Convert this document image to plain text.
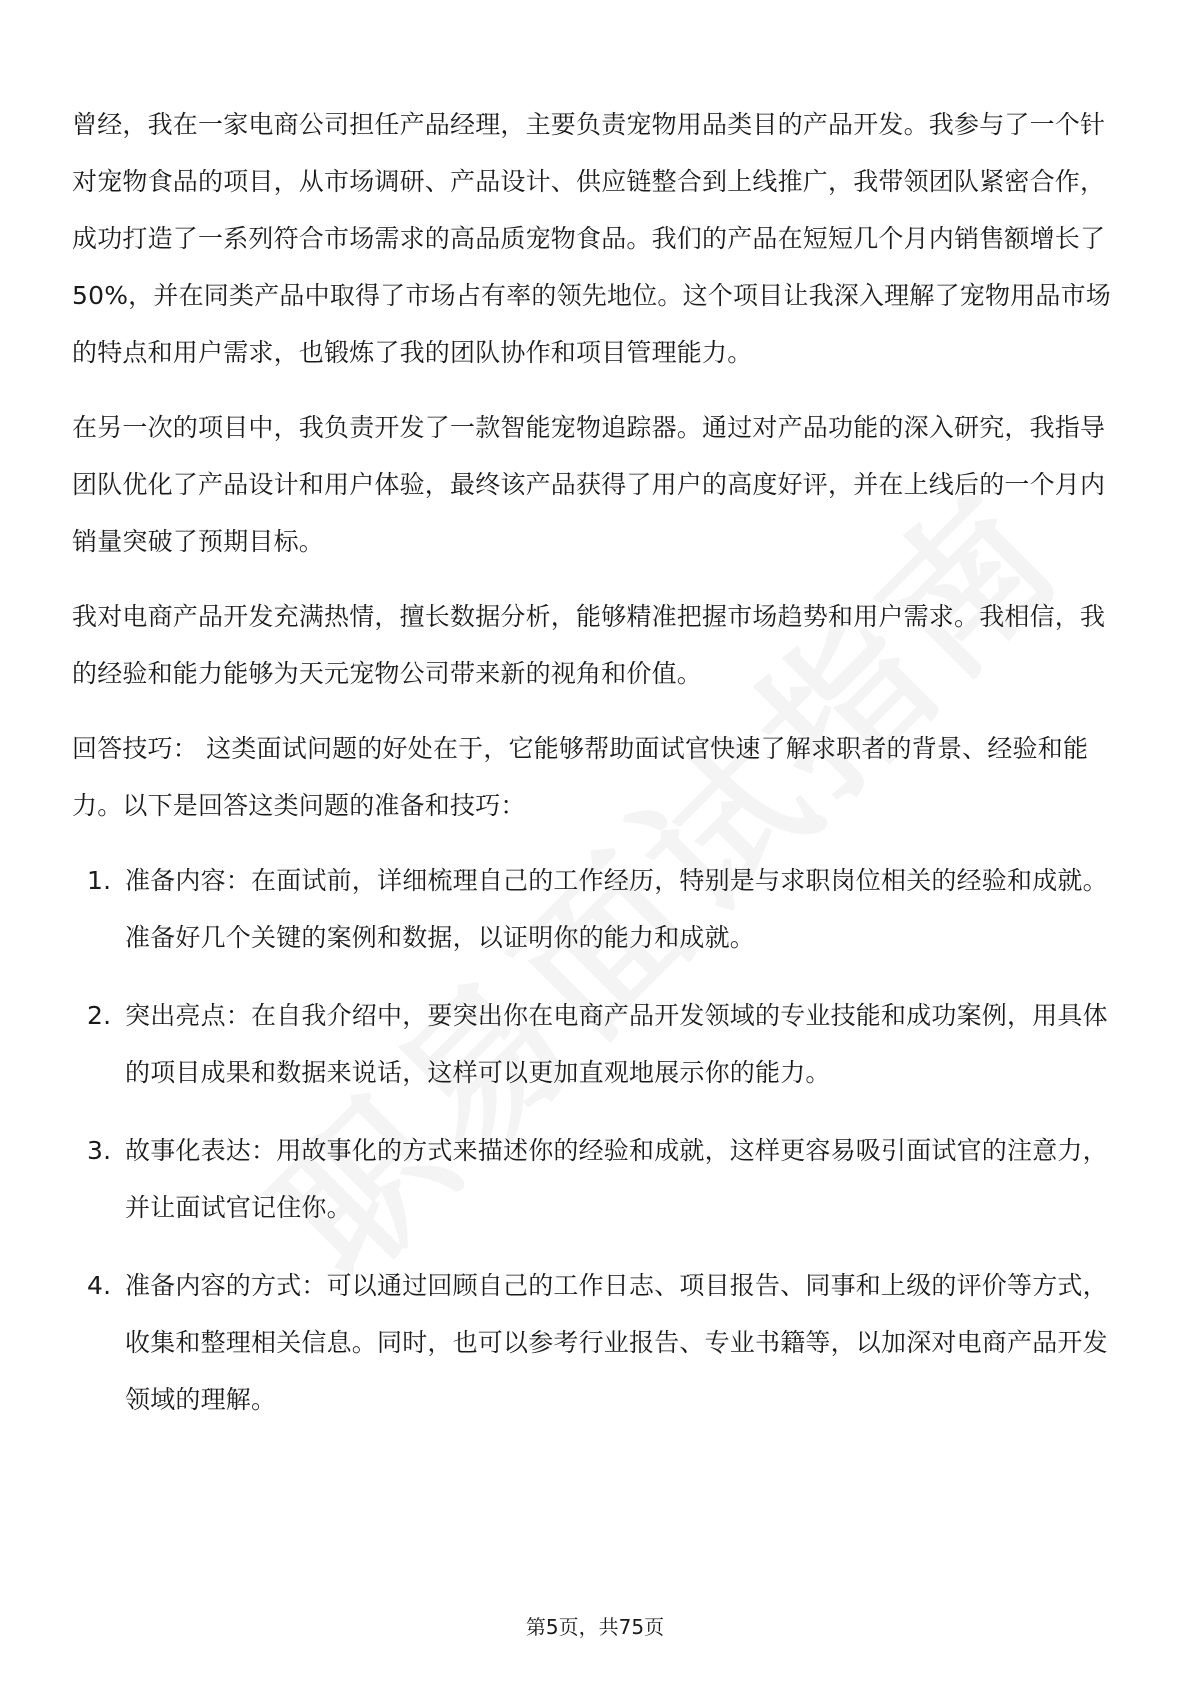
曾经，我在一家电商公司担任产品经理，主要负责宠物用品类目的产品开发。我参与了一个针对宠物食品的项目，从市场调研、产品设计、供应链整合到上线推广，我带领团队紧密合作，成功打造了一系列符合市场需求的高品质宠物食品。我们的产品在短短几个月内销售额增长了50%，并在同类产品中取得了市场占有率的领先地位。这个项目让我深入理解了宠物用品市场的特点和用户需求，也锻炼了我的团队协作和项目管理能力。

在另一次的项目中，我负责开发了一款智能宠物追踪器。通过对产品功能的深入研究，我指导团队优化了产品设计和用户体验，最终该产品获得了用户的高度好评，并在上线后的一个月内销量突破了预期目标。

我对电商产品开发充满热情，擅长数据分析，能够精准把握市场趋势和用户需求。我相信，我的经验和能力能够为天元宠物公司带来新的视角和价值。

回答技巧： 这类面试问题的好处在于，它能够帮助面试官快速了解求职者的背景、经验和能力。以下是回答这类问题的准备和技巧：

1. 准备内容：在面试前，详细梳理自己的工作经历，特别是与求职岗位相关的经验和成就。准备好几个关键的案例和数据，以证明你的能力和成就。
2. 突出亮点：在自我介绍中，要突出你在电商产品开发领域的专业技能和成功案例，用具体的项目成果和数据来说话，这样可以更加直观地展示你的能力。
3. 故事化表达：用故事化的方式来描述你的经验和成就，这样更容易吸引面试官的注意力，并让面试官记住你。
4. 准备内容的方式：可以通过回顾自己的工作日志、项目报告、同事和上级的评价等方式，收集和整理相关信息。同时，也可以参考行业报告、专业书籍等，以加深对电商产品开发领域的理解。
第5页，共75页
